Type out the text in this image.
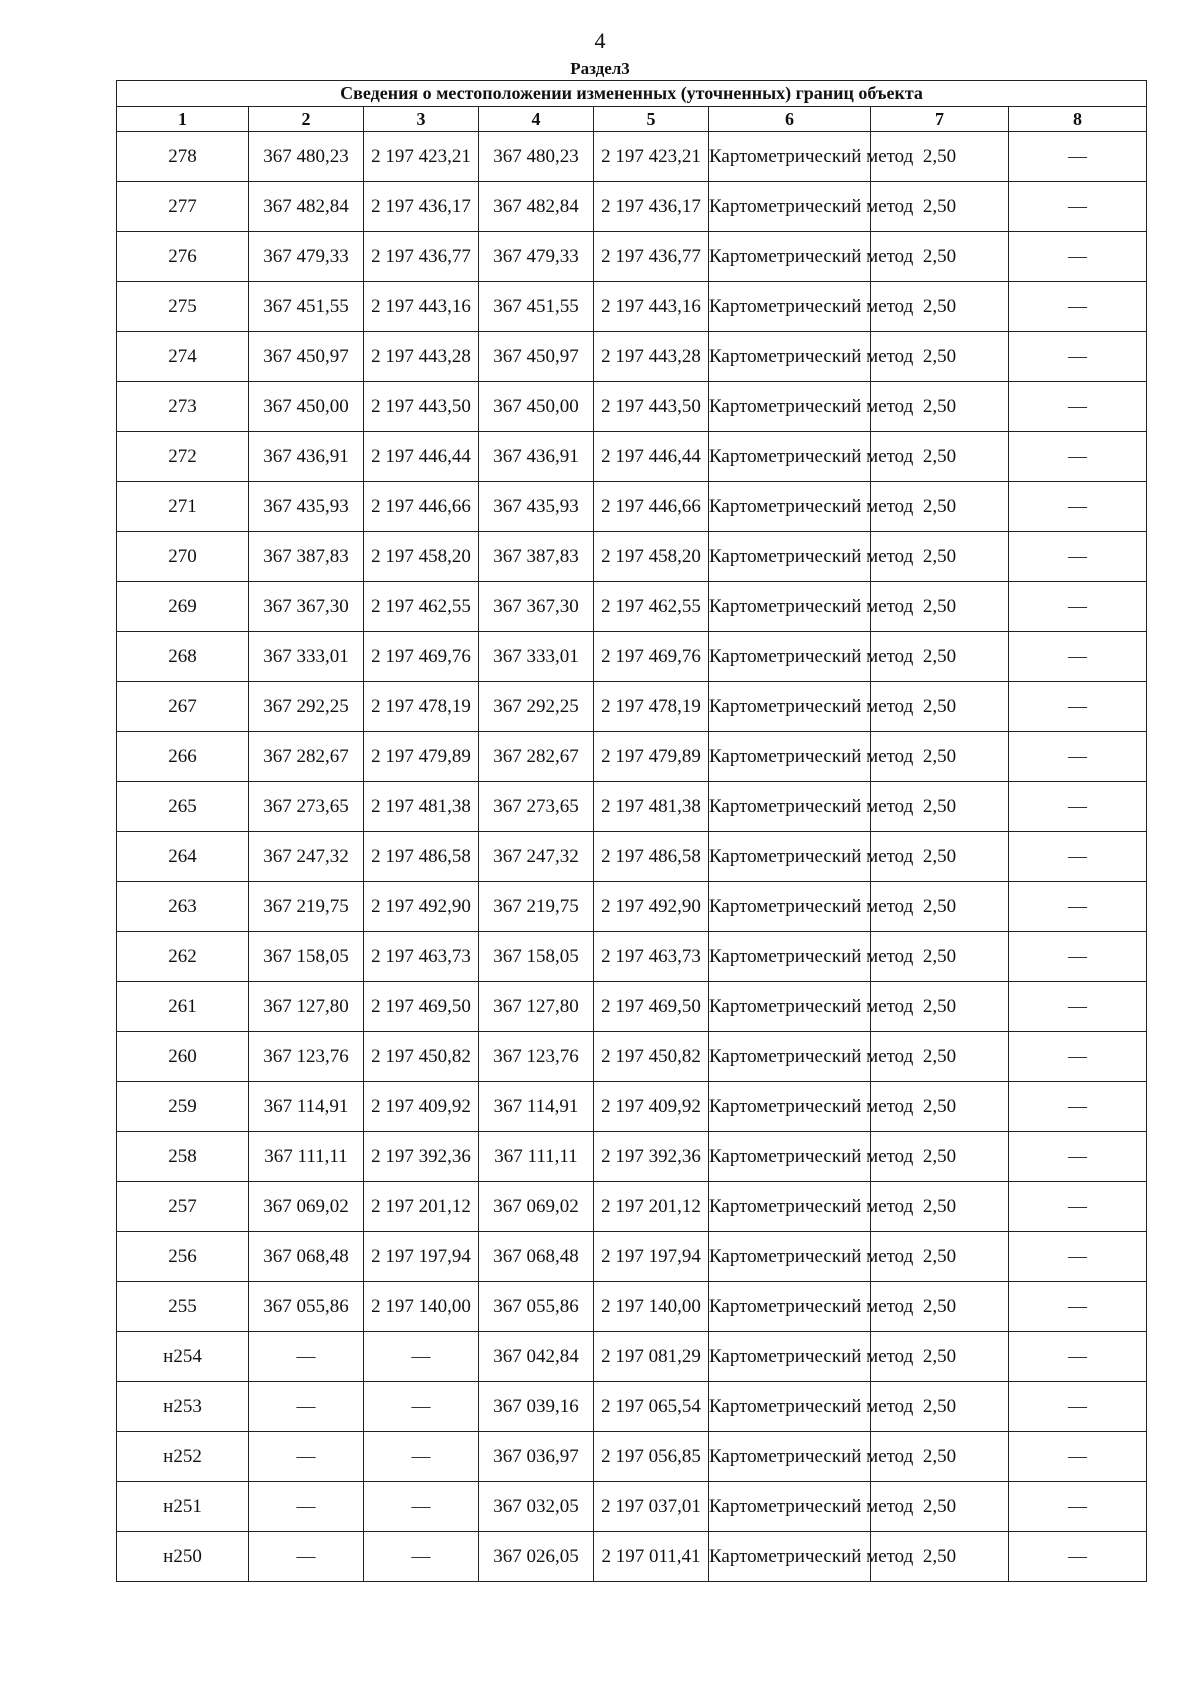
4
Раздел3
Сведения о местоположении измененных (уточненных) границ объекта							
1	2	3	4	5	6	7	8
278	367 480,23	2 197 423,21	367 480,23	2 197 423,21	Картометрический метод	2,50	—
277	367 482,84	2 197 436,17	367 482,84	2 197 436,17	Картометрический метод	2,50	—
276	367 479,33	2 197 436,77	367 479,33	2 197 436,77	Картометрический метод	2,50	—
275	367 451,55	2 197 443,16	367 451,55	2 197 443,16	Картометрический метод	2,50	—
274	367 450,97	2 197 443,28	367 450,97	2 197 443,28	Картометрический метод	2,50	—
273	367 450,00	2 197 443,50	367 450,00	2 197 443,50	Картометрический метод	2,50	—
272	367 436,91	2 197 446,44	367 436,91	2 197 446,44	Картометрический метод	2,50	—
271	367 435,93	2 197 446,66	367 435,93	2 197 446,66	Картометрический метод	2,50	—
270	367 387,83	2 197 458,20	367 387,83	2 197 458,20	Картометрический метод	2,50	—
269	367 367,30	2 197 462,55	367 367,30	2 197 462,55	Картометрический метод	2,50	—
268	367 333,01	2 197 469,76	367 333,01	2 197 469,76	Картометрический метод	2,50	—
267	367 292,25	2 197 478,19	367 292,25	2 197 478,19	Картометрический метод	2,50	—
266	367 282,67	2 197 479,89	367 282,67	2 197 479,89	Картометрический метод	2,50	—
265	367 273,65	2 197 481,38	367 273,65	2 197 481,38	Картометрический метод	2,50	—
264	367 247,32	2 197 486,58	367 247,32	2 197 486,58	Картометрический метод	2,50	—
263	367 219,75	2 197 492,90	367 219,75	2 197 492,90	Картометрический метод	2,50	—
262	367 158,05	2 197 463,73	367 158,05	2 197 463,73	Картометрический метод	2,50	—
261	367 127,80	2 197 469,50	367 127,80	2 197 469,50	Картометрический метод	2,50	—
260	367 123,76	2 197 450,82	367 123,76	2 197 450,82	Картометрический метод	2,50	—
259	367 114,91	2 197 409,92	367 114,91	2 197 409,92	Картометрический метод	2,50	—
258	367 111,11	2 197 392,36	367 111,11	2 197 392,36	Картометрический метод	2,50	—
257	367 069,02	2 197 201,12	367 069,02	2 197 201,12	Картометрический метод	2,50	—
256	367 068,48	2 197 197,94	367 068,48	2 197 197,94	Картометрический метод	2,50	—
255	367 055,86	2 197 140,00	367 055,86	2 197 140,00	Картометрический метод	2,50	—
н254	—	—	367 042,84	2 197 081,29	Картометрический метод	2,50	—
н253	—	—	367 039,16	2 197 065,54	Картометрический метод	2,50	—
н252	—	—	367 036,97	2 197 056,85	Картометрический метод	2,50	—
н251	—	—	367 032,05	2 197 037,01	Картометрический метод	2,50	—
н250	—	—	367 026,05	2 197 011,41	Картометрический метод	2,50	—
